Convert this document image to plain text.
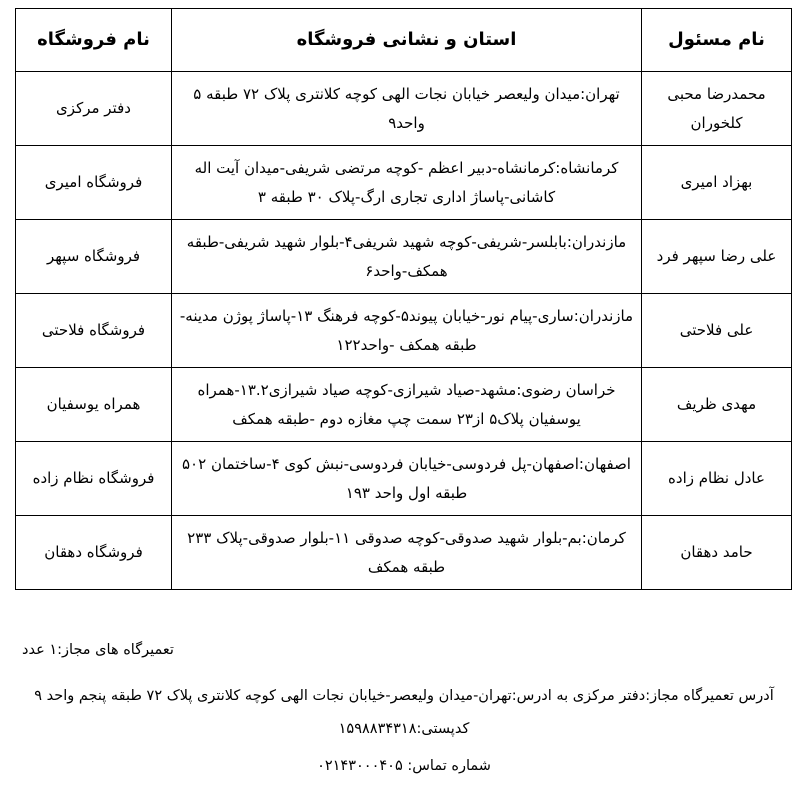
نام مسئول	استان و نشانی فروشگاه	نام فروشگاه
محمدرضا محبی کلخوران	تهران:میدان ولیعصر خیابان نجات الهی کوچه کلانتری پلاک ۷۲ طبقه ۵ واحد۹	دفتر مرکزی
بهزاد امیری	کرمانشاه:کرمانشاه-دبیر اعظم -کوچه مرتضی شریفی-میدان آیت اله کاشانی-پاساژ اداری تجاری ارگ-پلاک ۳۰ طبقه ۳	فروشگاه امیری
علی رضا سپهر فرد	مازندران:بابلسر-شریفی-کوچه شهید شریفی۴-بلوار شهید شریفی-طبقه همکف-واحد۶	فروشگاه سپهر
علی فلاحتی	مازندران:ساری-پیام نور-خیابان پیوند۵-کوچه فرهنگ ۱۳-پاساژ پوژن مدینه-طبقه همکف -واحد۱۲۲	فروشگاه فلاحتی
مهدی ظریف	خراسان رضوی:مشهد-صیاد شیرازی-کوچه صیاد شیرازی۱۳.۲-همراه یوسفیان پلاک۵ از۲۳ سمت چپ مغازه دوم -طبقه همکف	همراه یوسفیان
عادل نظام زاده	اصفهان:اصفهان-پل فردوسی-خیابان فردوسی-نبش کوی ۴-ساختمان ۵۰۲ طبقه اول واحد ۱۹۳	فروشگاه نظام زاده
حامد دهقان	کرمان:بم-بلوار شهید صدوقی-کوچه صدوقی ۱۱-بلوار صدوقی-پلاک ۲۳۳ طبقه همکف	فروشگاه دهقان
تعمیرگاه های مجاز:۱ عدد
آدرس تعمیرگاه مجاز:دفتر مرکزی به ادرس:تهران-میدان ولیعصر-خیابان نجات الهی کوچه کلانتری پلاک ۷۲ طبقه پنجم واحد ۹ کدپستی:۱۵۹۸۸۳۴۳۱۸
شماره تماس: ۰۲۱۴۳۰۰۰۴۰۵
